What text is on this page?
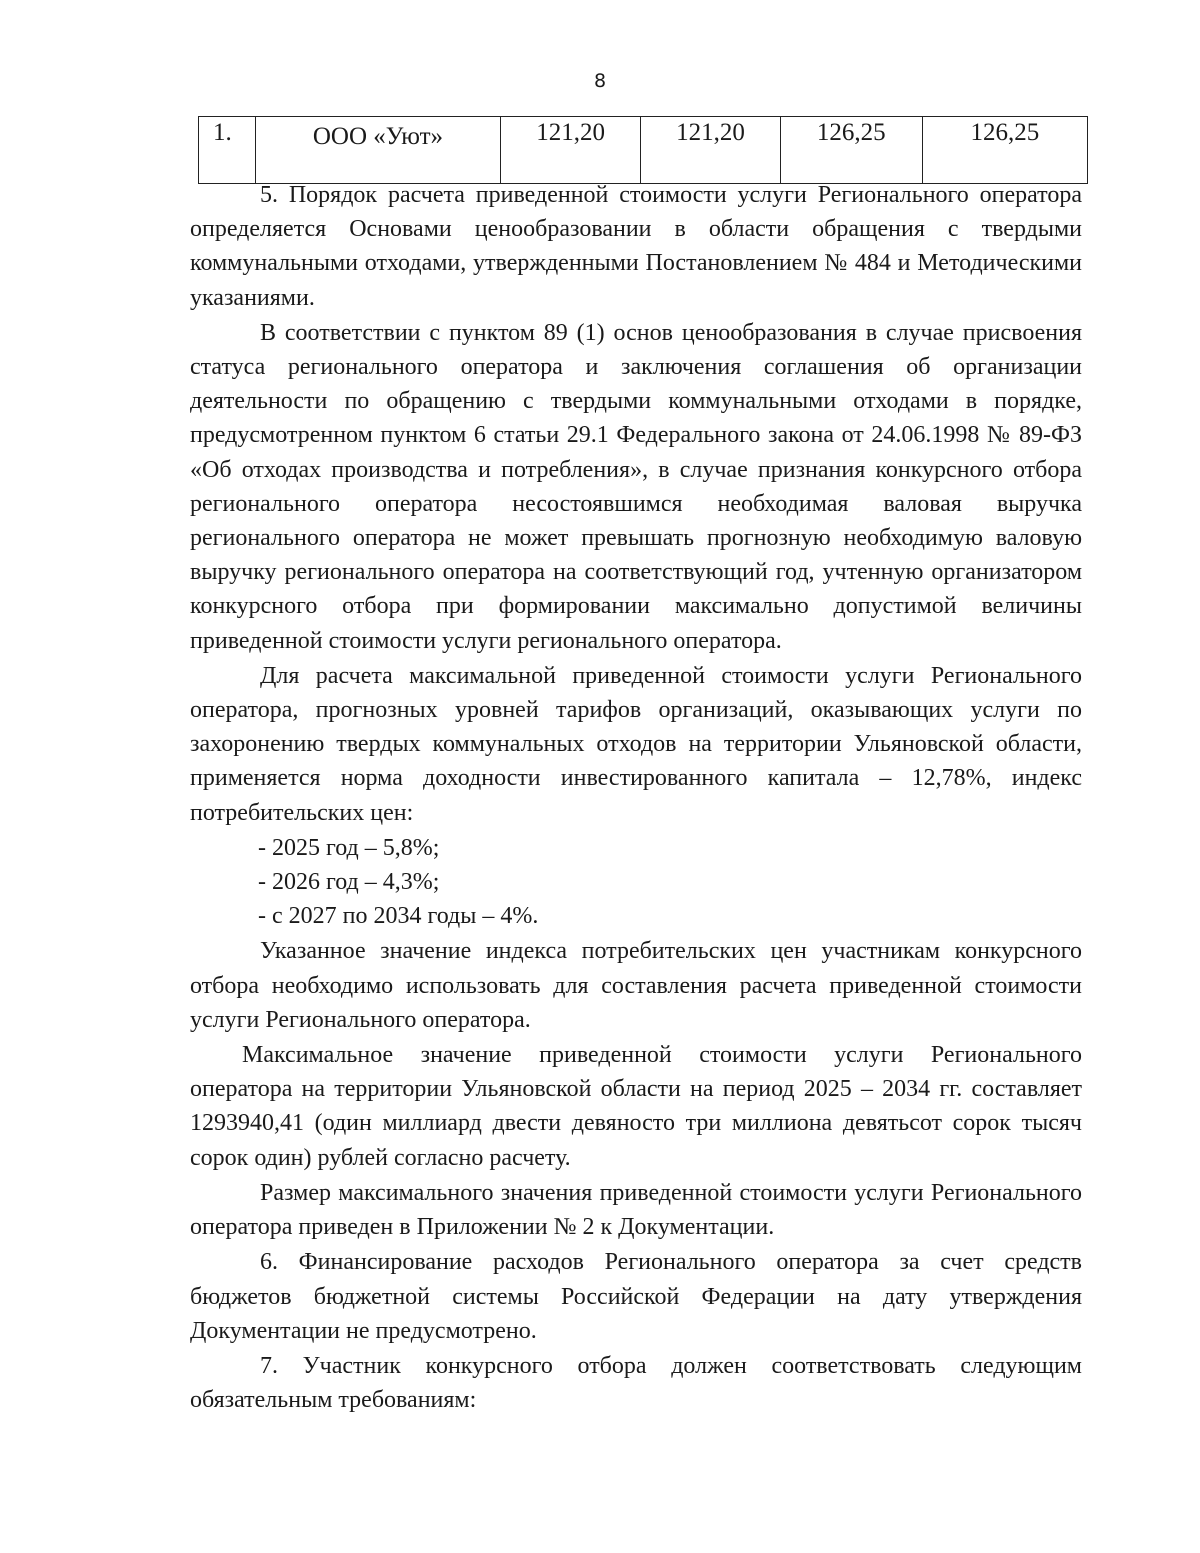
8
1.	ООО «Уют»	121,20	121,20	126,25	126,25

5. Порядок расчета приведенной стоимости услуги Регионального оператора определяется Основами ценообразовании в области обращения с твердыми коммунальными отходами, утвержденными Постановлением № 484 и Методическими указаниями.

В соответствии с пунктом 89 (1) основ ценообразования в случае присвоения статуса регионального оператора и заключения соглашения об организации деятельности по обращению с твердыми коммунальными отходами в порядке, предусмотренном пунктом 6 статьи 29.1 Федерального закона от 24.06.1998 № 89-ФЗ «Об отходах производства и потребления», в случае признания конкурсного отбора регионального оператора несостоявшимся необходимая валовая выручка регионального оператора не может превышать прогнозную необходимую валовую выручку регионального оператора на соответствующий год, учтенную организатором конкурсного отбора при формировании максимально допустимой величины приведенной стоимости услуги регионального оператора.

Для расчета максимальной приведенной стоимости услуги Регионального оператора, прогнозных уровней тарифов организаций, оказывающих услуги по захоронению твердых коммунальных отходов на территории Ульяновской области, применяется норма доходности инвестированного капитала – 12,78%, индекс потребительских цен:

- 2025 год – 5,8%;

- 2026 год – 4,3%;

- с 2027 по 2034 годы – 4%.

Указанное значение индекса потребительских цен участникам конкурсного отбора необходимо использовать для составления расчета приведенной стоимости услуги Регионального оператора.

Максимальное значение приведенной стоимости услуги Регионального оператора на территории Ульяновской области на период 2025 – 2034 гг. составляет 1293940,41 (один миллиард двести девяносто три миллиона девятьсот сорок тысяч сорок один) рублей согласно расчету.

Размер максимального значения приведенной стоимости услуги Регионального оператора приведен в Приложении № 2 к Документации.

6. Финансирование расходов Регионального оператора за счет средств бюджетов бюджетной системы Российской Федерации на дату утверждения Документации не предусмотрено.

7. Участник конкурсного отбора должен соответствовать следующим обязательным требованиям:
